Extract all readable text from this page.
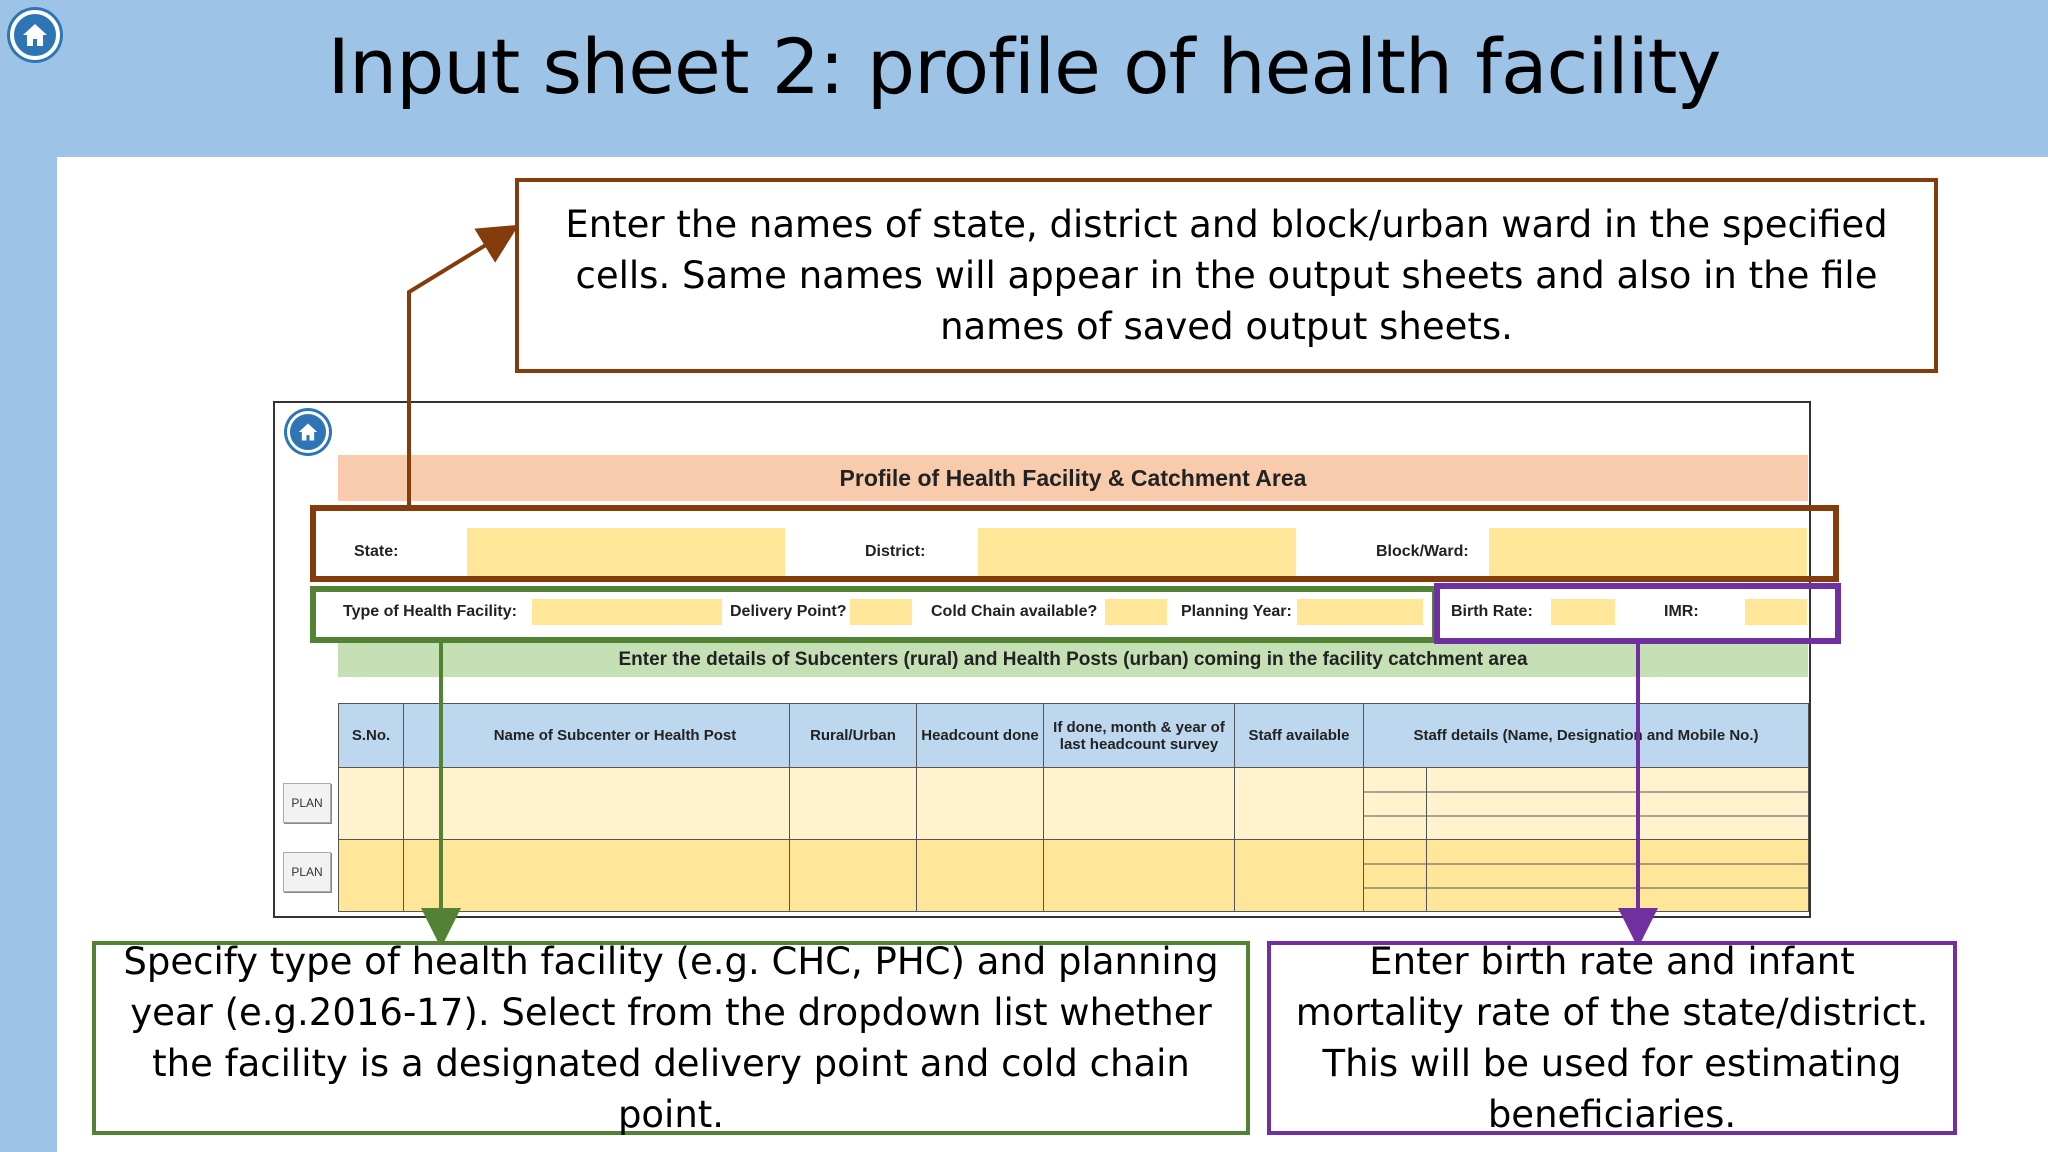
Input sheet 2: profile of health facility
Enter the names of state, district and block/urban ward in the specified cells. Same names will appear in the output sheets and also in the file names of saved output sheets.
Profile of Health Facility & Catchment Area
State:	District:	Block/Ward:
Type of Health Facility:	Delivery Point?	Cold Chain available?	Planning Year:	Birth Rate:	IMR:
Enter the details of Subcenters (rural) and Health Posts (urban) coming in the facility catchment area
S.No.		Name of Subcenter or Health Post	Rural/Urban	Headcount done	If done, month & year of last headcount survey	Staff available	Staff details (Name, Designation and Mobile No.)

PLAN
PLAN
Specify type of health facility (e.g. CHC, PHC) and planning year (e.g.2016-17). Select from the dropdown list whether the facility is a designated delivery point and cold chain point.
Enter birth rate and infant mortality rate of the state/district. This will be used for estimating beneficiaries.
